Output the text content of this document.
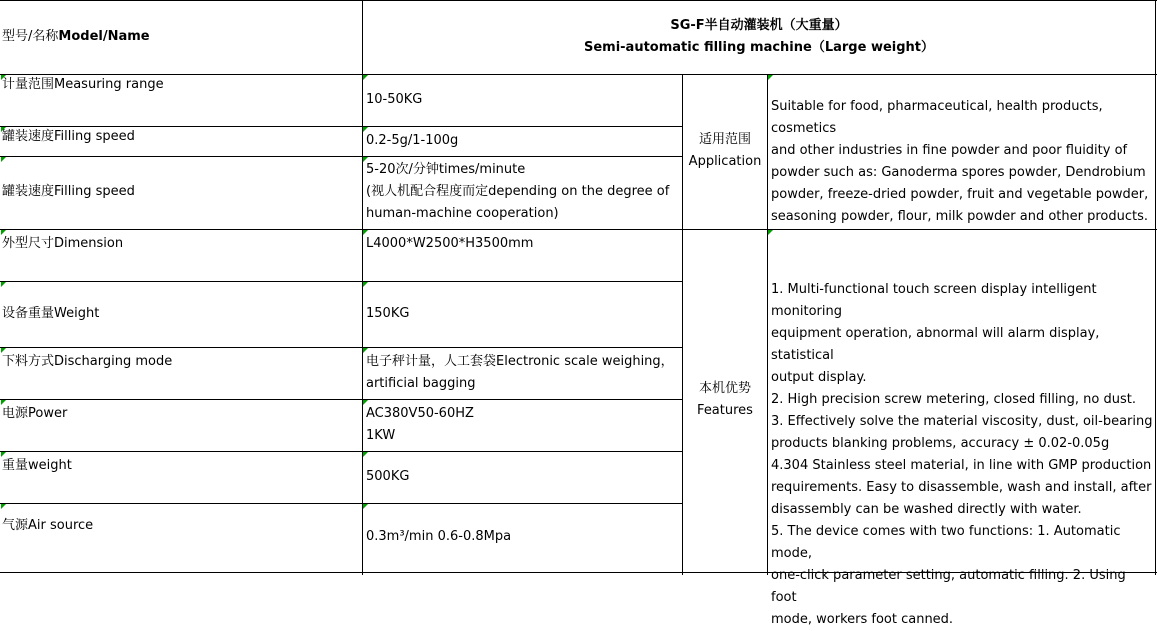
型号/名称Model/Name
SG-F半自动灌装机（大重量）
Semi-automatic filling machine（Large weight）
计量范围Measuring range
罐装速度Filling speed
罐装速度Filling speed
外型尺寸Dimension
设备重量Weight
下料方式Discharging mode
电源Power
重量weight
气源Air source
10-50KG
0.2-5g/1-100g
5-20次/分钟times/minute
(视人机配合程度而定depending on the degree of
human-machine cooperation)
L4000*W2500*H3500mm
150KG
电子秤计量，人工套袋Electronic scale weighing，
artificial bagging
AC380V50-60HZ
1KW
500KG
0.3m³/min 0.6-0.8Mpa
适用范围
Application
Suitable for food, pharmaceutical, health products, cosmetics
and other industries in fine powder and poor fluidity of
powder such as: Ganoderma spores powder, Dendrobium
powder, freeze-dried powder, fruit and vegetable powder,
seasoning powder, flour, milk powder and other products.
本机优势
Features
1. Multi-functional touch screen display intelligent monitoring
equipment operation, abnormal will alarm display, statistical
output display.
2. High precision screw metering, closed filling, no dust.
3. Effectively solve the material viscosity, dust, oil-bearing
products blanking problems, accuracy ± 0.02-0.05g
4.304 Stainless steel material, in line with GMP production
requirements. Easy to disassemble, wash and install, after
disassembly can be washed directly with water.
5. The device comes with two functions: 1. Automatic mode,
one-click parameter setting, automatic filling. 2. Using foot
mode, workers foot canned.
